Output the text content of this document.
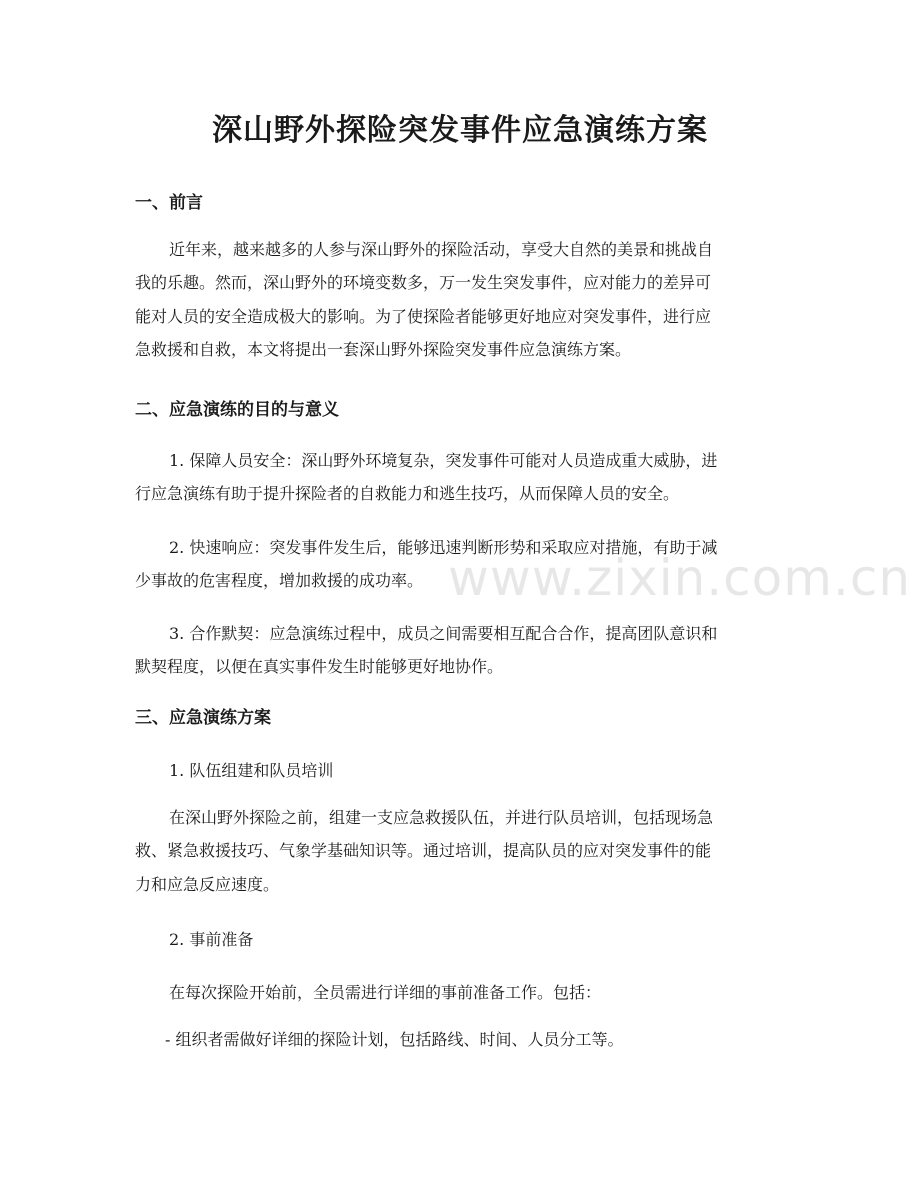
深山野外探险突发事件应急演练方案
一、前言
近年来，越来越多的人参与深山野外的探险活动，享受大自然的美景和挑战自
我的乐趣。然而，深山野外的环境变数多，万一发生突发事件，应对能力的差异可
能对人员的安全造成极大的影响。为了使探险者能够更好地应对突发事件，进行应
急救援和自救，本文将提出一套深山野外探险突发事件应急演练方案。
二、应急演练的目的与意义
1. 保障人员安全：深山野外环境复杂，突发事件可能对人员造成重大威胁，进
行应急演练有助于提升探险者的自救能力和逃生技巧，从而保障人员的安全。
2. 快速响应：突发事件发生后，能够迅速判断形势和采取应对措施，有助于减
少事故的危害程度，增加救援的成功率。
3. 合作默契：应急演练过程中，成员之间需要相互配合合作，提高团队意识和
默契程度，以便在真实事件发生时能够更好地协作。
三、应急演练方案

1. 队伍组建和队员培训

在深山野外探险之前，组建一支应急救援队伍，并进行队员培训，包括现场急
救、紧急救援技巧、气象学基础知识等。通过培训，提高队员的应对突发事件的能
力和应急反应速度。

2. 事前准备

在每次探险开始前，全员需进行详细的事前准备工作。包括：

- 组织者需做好详细的探险计划，包括路线、时间、人员分工等。

www.zixin.com.cn
